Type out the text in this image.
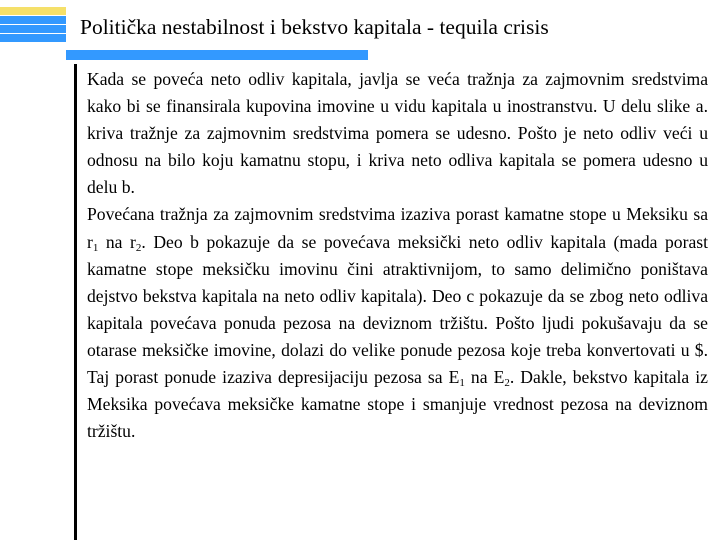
Politička nestabilnost i bekstvo kapitala - tequila crisis

Kada se poveća neto odliv kapitala, javlja se veća tražnja za zajmovnim sredstvima kako bi se finansirala kupovina imovine u vidu kapitala u inostranstvu. U delu slike a. kriva tražnje za zajmovnim sredstvima pomera se udesno. Pošto je neto odliv veći u odnosu na bilo koju kamatnu stopu, i kriva neto odliva kapitala se pomera udesno u delu b.

Povećana tražnja za zajmovnim sredstvima izaziva porast kamatne stope u Meksiku sa $r_1$ na $r_2$. Deo b pokazuje da se povećava meksički neto odliv kapitala (mada porast kamatne stope meksičku imovinu čini atraktivnijom, to samo delimično poništava dejstvo bekstva kapitala na neto odliv kapitala). Deo c pokazuje da se zbog neto odliva kapitala povećava ponuda pezosa na deviznom tržištu. Pošto ljudi pokušavaju da se otarase meksičke imovine, dolazi do velike ponude pezosa koje treba konvertovati u $. Taj porast ponude izaziva depresijaciju pezosa sa $E_1$ na $E_2$. Dakle, bekstvo kapitala iz Meksika povećava meksičke kamatne stope i smanjuje vrednost pezosa na deviznom tržištu.
